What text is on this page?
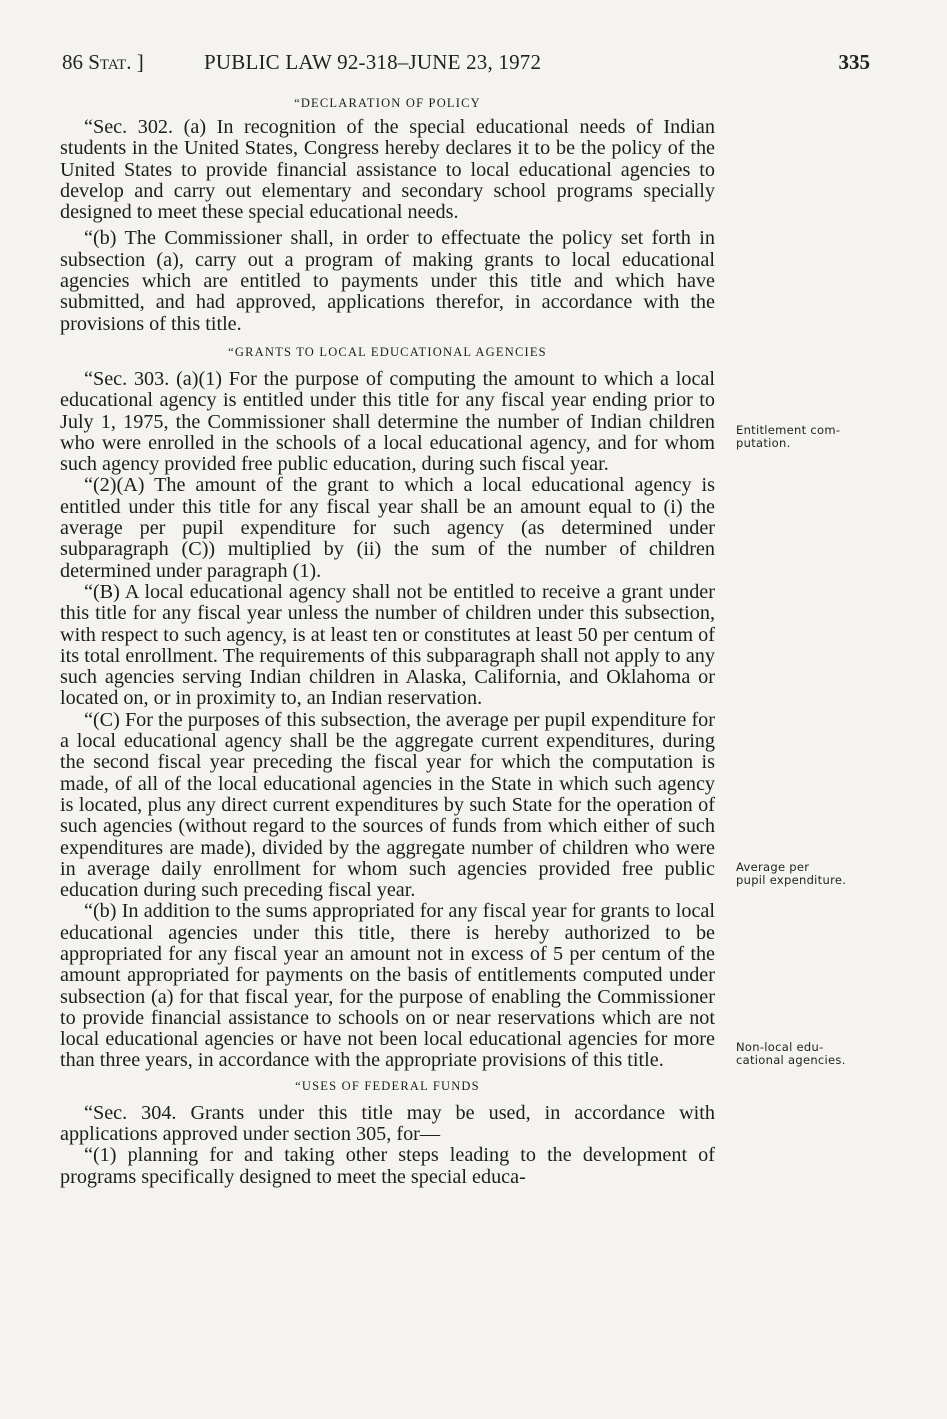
86 Stat. ]	PUBLIC LAW 92-318–JUNE 23, 1972	335

“DECLARATION OF POLICY

“Sec. 302. (a) In recognition of the special educational needs of Indian students in the United States, Congress hereby declares it to be the policy of the United States to provide financial assistance to local educational agencies to develop and carry out elementary and secondary school programs specially designed to meet these special educational needs.

“(b) The Commissioner shall, in order to effectuate the policy set forth in subsection (a), carry out a program of making grants to local educational agencies which are entitled to payments under this title and which have submitted, and had approved, applications therefor, in accordance with the provisions of this title.

“GRANTS TO LOCAL EDUCATIONAL AGENCIES

“Sec. 303. (a)(1) For the purpose of computing the amount to which a local educational agency is entitled under this title for any fiscal year ending prior to July 1, 1975, the Commissioner shall determine the number of Indian children who were enrolled in the schools of a local educational agency, and for whom such agency provided free public education, during such fiscal year.

“(2)(A) The amount of the grant to which a local educational agency is entitled under this title for any fiscal year shall be an amount equal to (i) the average per pupil expenditure for such agency (as determined under subparagraph (C)) multiplied by (ii) the sum of the number of children determined under paragraph (1).

“(B) A local educational agency shall not be entitled to receive a grant under this title for any fiscal year unless the number of children under this subsection, with respect to such agency, is at least ten or constitutes at least 50 per centum of its total enrollment. The requirements of this subparagraph shall not apply to any such agencies serving Indian children in Alaska, California, and Oklahoma or located on, or in proximity to, an Indian reservation.

“(C) For the purposes of this subsection, the average per pupil expenditure for a local educational agency shall be the aggregate current expenditures, during the second fiscal year preceding the fiscal year for which the computation is made, of all of the local educational agencies in the State in which such agency is located, plus any direct current expenditures by such State for the operation of such agencies (without regard to the sources of funds from which either of such expenditures are made), divided by the aggregate number of children who were in average daily enrollment for whom such agencies provided free public education during such preceding fiscal year.

“(b) In addition to the sums appropriated for any fiscal year for grants to local educational agencies under this title, there is hereby authorized to be appropriated for any fiscal year an amount not in excess of 5 per centum of the amount appropriated for payments on the basis of entitlements computed under subsection (a) for that fiscal year, for the purpose of enabling the Commissioner to provide financial assistance to schools on or near reservations which are not local educational agencies or have not been local educational agencies for more than three years, in accordance with the appropriate provisions of this title.

“USES OF FEDERAL FUNDS

“Sec. 304. Grants under this title may be used, in accordance with applications approved under section 305, for—

“(1) planning for and taking other steps leading to the development of programs specifically designed to meet the special educa-

Entitlement com-
putation.
Average per
pupil expenditure.
Non-local edu-
cational agencies.
